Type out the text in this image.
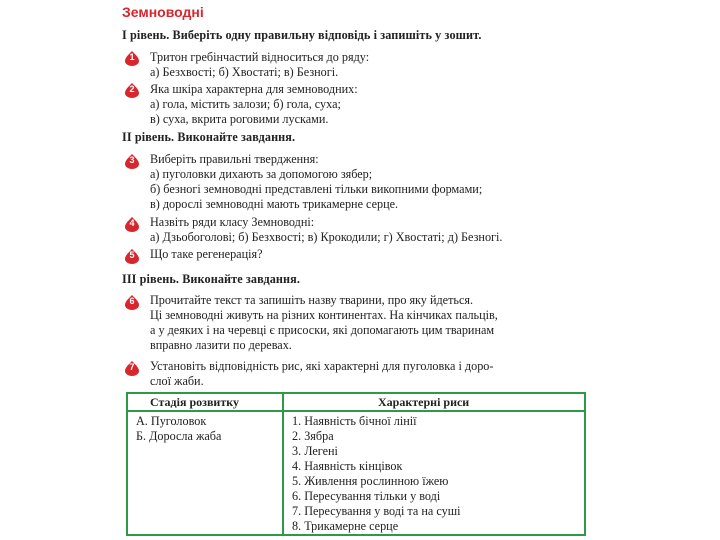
Земноводні
І рівень. Виберіть одну правильну відповідь і запишіть у зошит.
1	Тритон гребінчастий відноситься до ряду:
а) Безхвості; б) Хвостаті; в) Безногі.
2	Яка шкіра характерна для земноводних:
а) гола, містить залози; б) гола, суха;
в) суха, вкрита роговими лусками.
ІІ рівень. Виконайте завдання.
3	Виберіть правильні твердження:
а) пуголовки дихають за допомогою зябер;
б) безногі земноводні представлені тільки викопними формами;
в) дорослі земноводні мають трикамерне серце.
4	Назвіть ряди класу Земноводні:
а) Дзьобоголові; б) Безхвості; в) Крокодили; г) Хвостаті; д) Безногі.
5	Що таке регенерація?
ІІІ рівень. Виконайте завдання.
6	Прочитайте текст та запишіть назву тварини, про яку йдеться.
Ці земноводні живуть на різних континентах. На кінчиках пальців,
а у деяких і на черевці є присоски, які допомагають цим тваринам
вправно лазити по деревах.
7	Установіть відповідність рис, які характерні для пуголовка і доро-
слої жаби.
Стадія розвитку	Характерні риси
А. Пуголовок
Б. Доросла жаба
1. Наявність бічної лінії
2. Зябра
3. Легені
4. Наявність кінцівок
5. Живлення рослинною їжею
6. Пересування тільки у воді
7. Пересування у воді та на суші
8. Трикамерне серце
